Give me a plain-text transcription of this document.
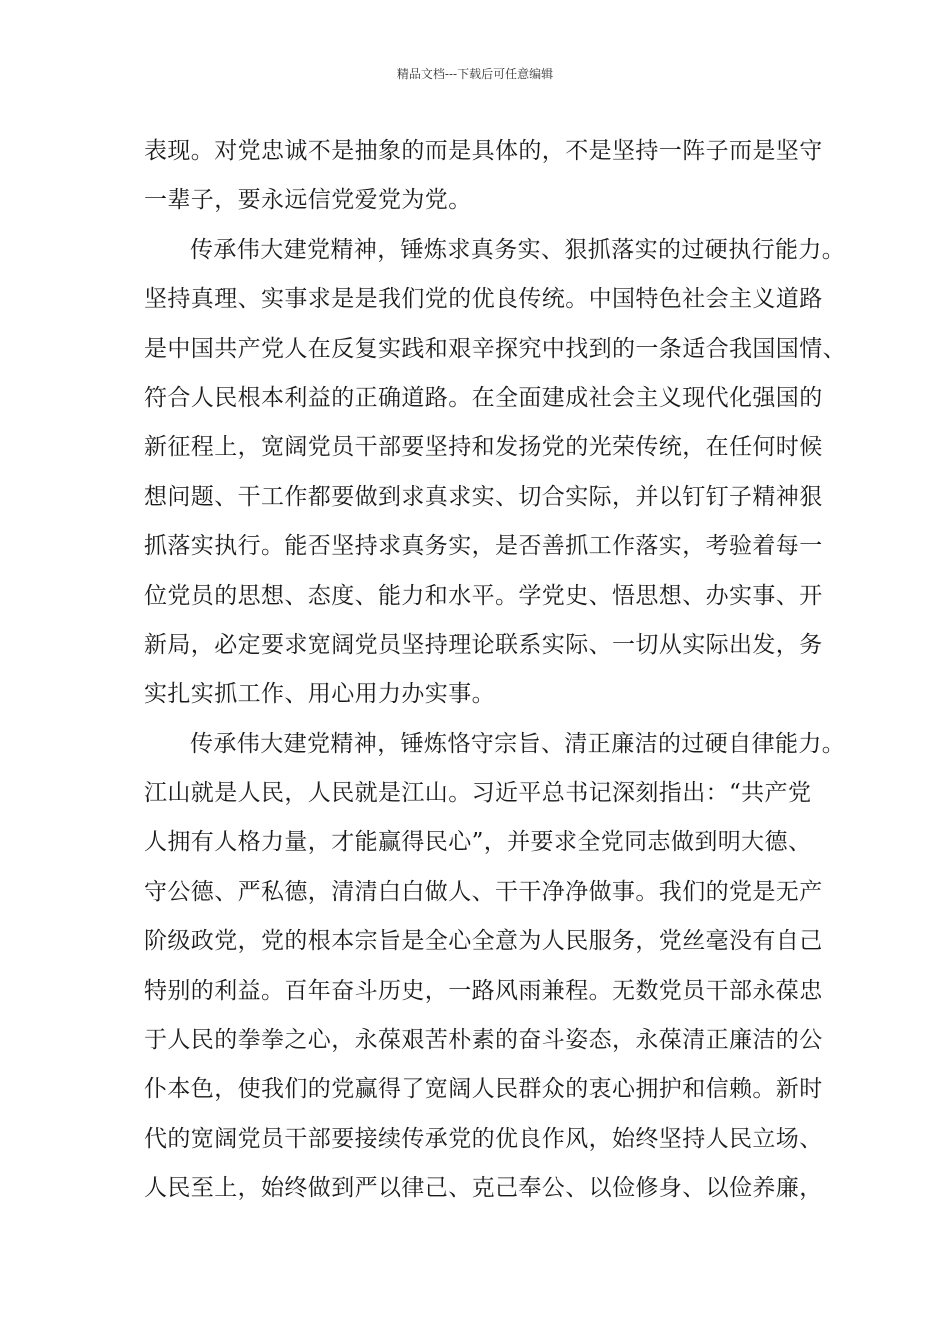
精品文档---下载后可任意编辑
表现。对党忠诚不是抽象的而是具体的，不是坚持一阵子而是坚守
一辈子，要永远信党爱党为党。
传承伟大建党精神，锤炼求真务实、狠抓落实的过硬执行能力。
坚持真理、实事求是是我们党的优良传统。中国特色社会主义道路
是中国共产党人在反复实践和艰辛探究中找到的一条适合我国国情、
符合人民根本利益的正确道路。在全面建成社会主义现代化强国的
新征程上，宽阔党员干部要坚持和发扬党的光荣传统，在任何时候
想问题、干工作都要做到求真求实、切合实际，并以钉钉子精神狠
抓落实执行。能否坚持求真务实，是否善抓工作落实，考验着每一
位党员的思想、态度、能力和水平。学党史、悟思想、办实事、开
新局，必定要求宽阔党员坚持理论联系实际、一切从实际出发，务
实扎实抓工作、用心用力办实事。
传承伟大建党精神，锤炼恪守宗旨、清正廉洁的过硬自律能力。
江山就是人民，人民就是江山。习近平总书记深刻指出：“共产党
人拥有人格力量，才能赢得民心”，并要求全党同志做到明大德、
守公德、严私德，清清白白做人、干干净净做事。我们的党是无产
阶级政党，党的根本宗旨是全心全意为人民服务，党丝毫没有自己
特别的利益。百年奋斗历史，一路风雨兼程。无数党员干部永葆忠
于人民的拳拳之心，永葆艰苦朴素的奋斗姿态，永葆清正廉洁的公
仆本色，使我们的党赢得了宽阔人民群众的衷心拥护和信赖。新时
代的宽阔党员干部要接续传承党的优良作风，始终坚持人民立场、
人民至上，始终做到严以律己、克己奉公、以俭修身、以俭养廉，
